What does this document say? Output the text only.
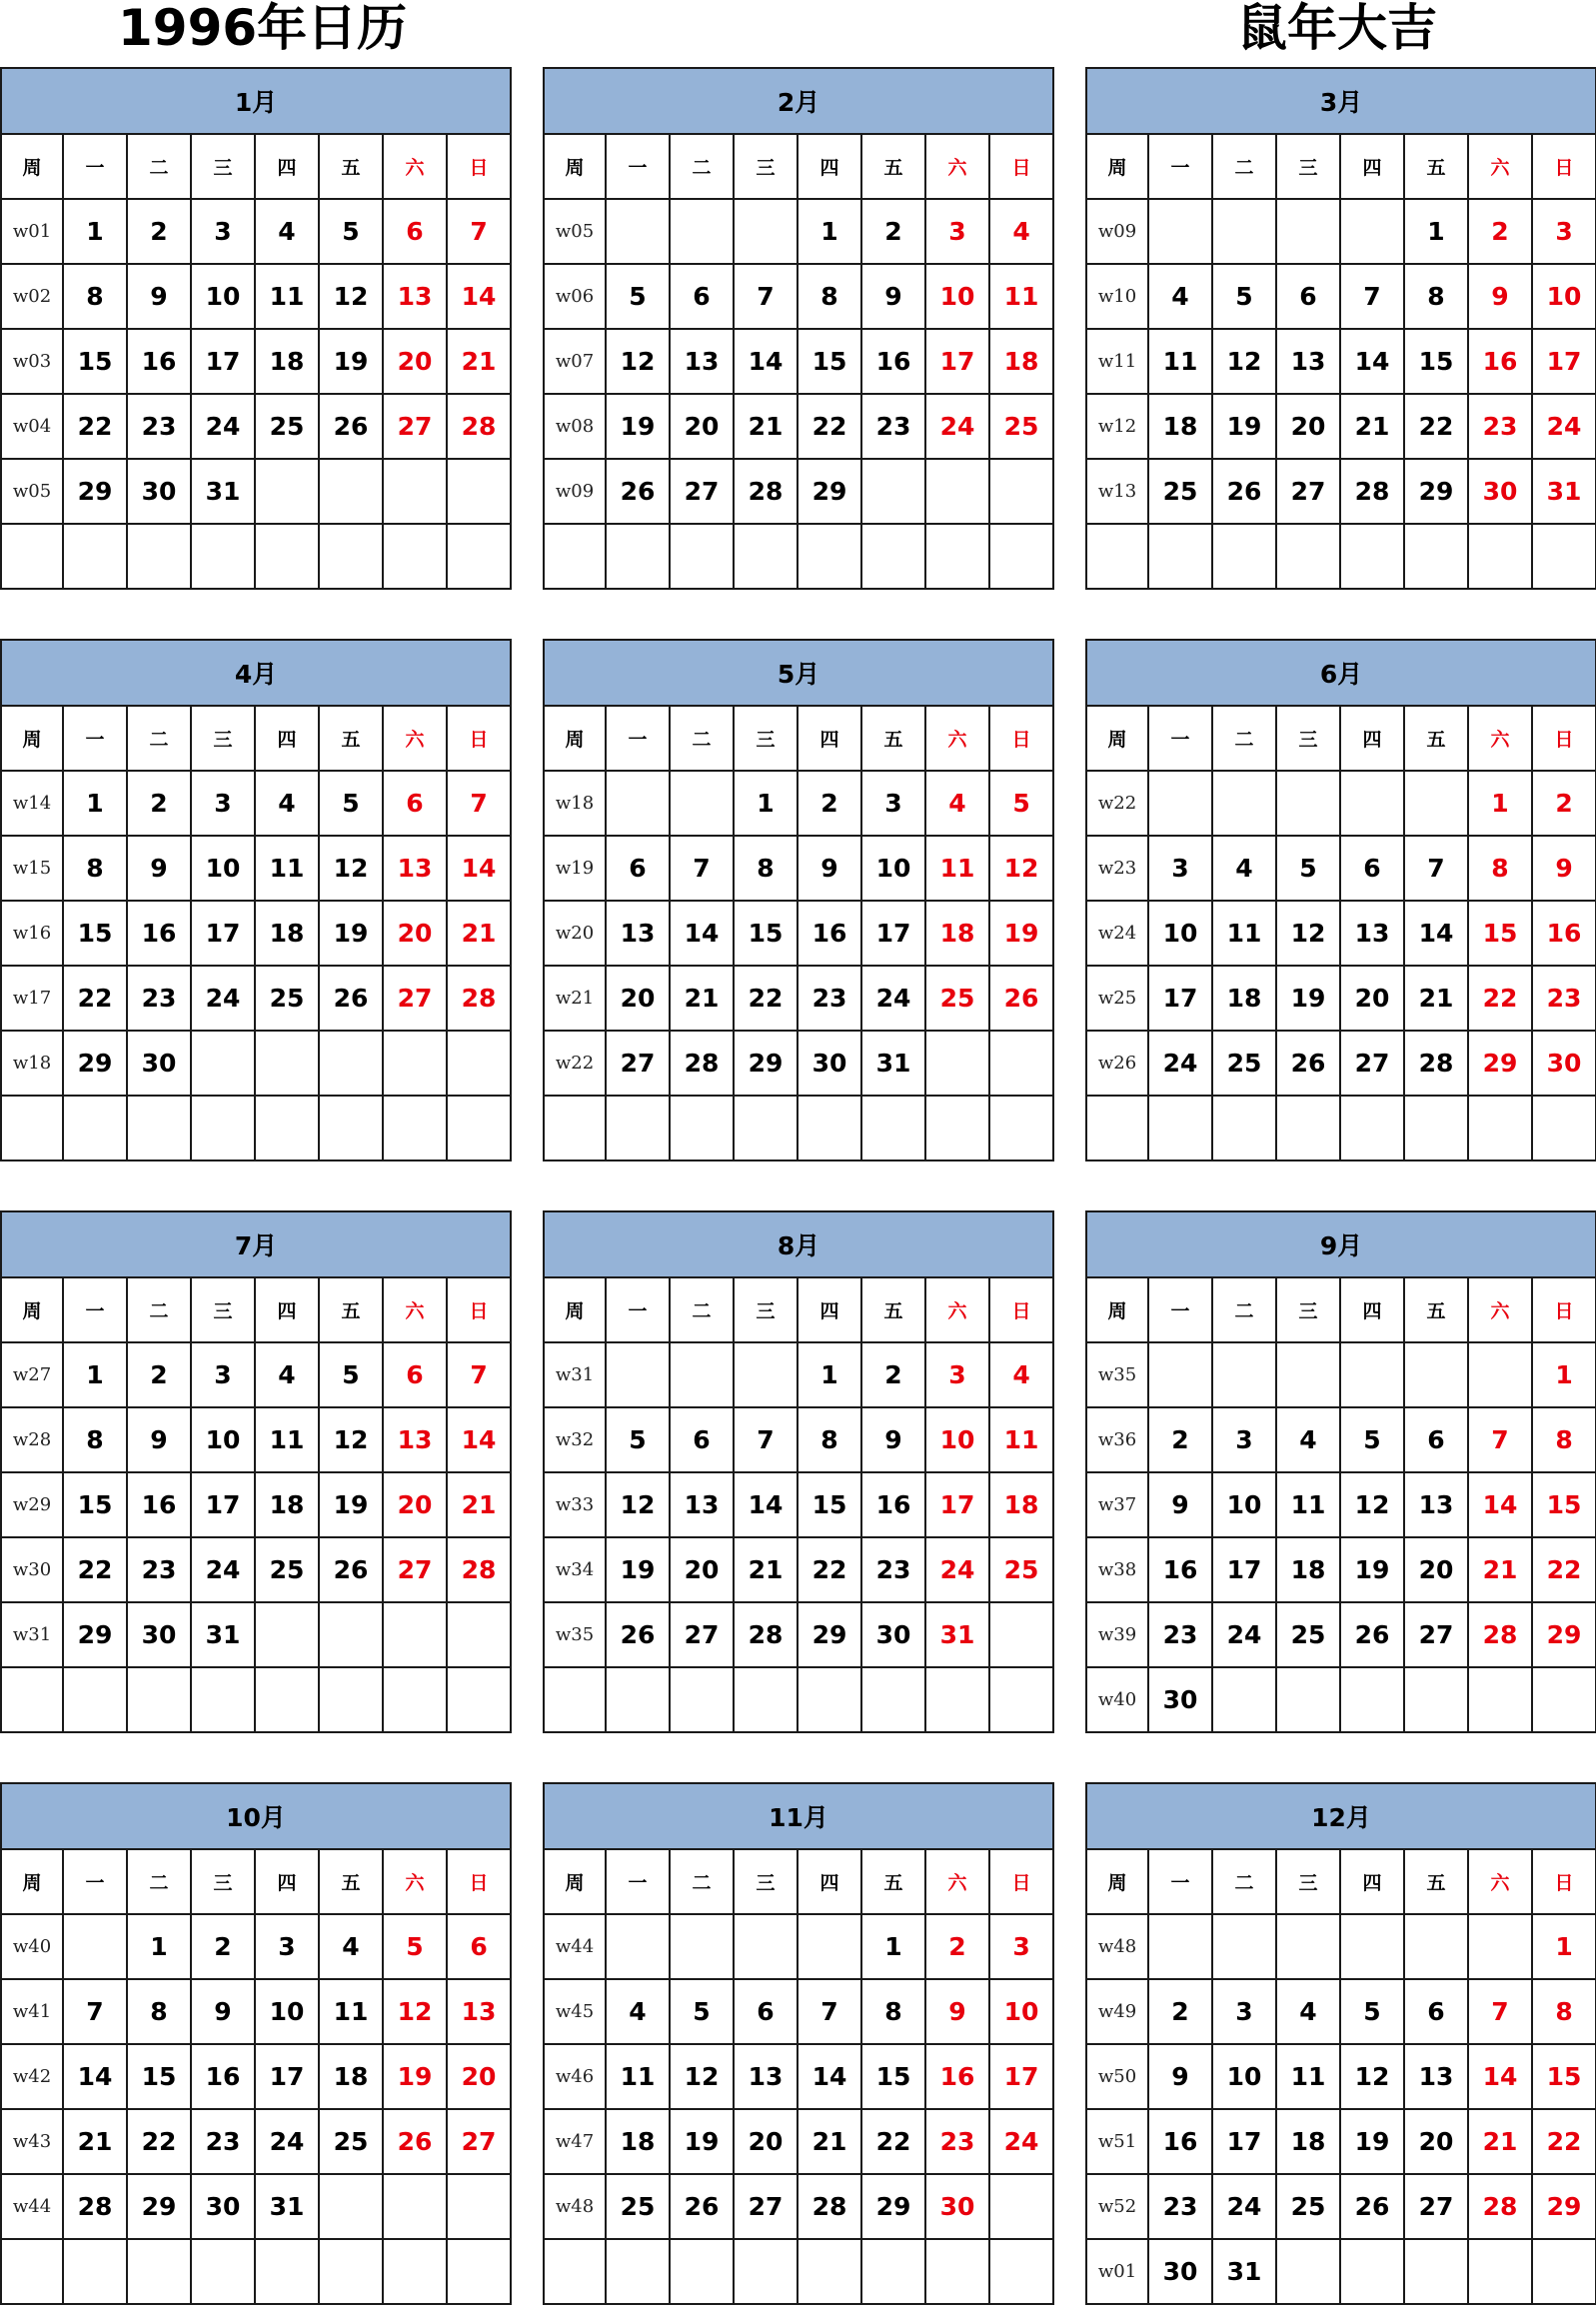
1996年日历	鼠年大吉
1月							
周	一	二	三	四	五	六	日
w01	1	2	3	4	5	6	7
w02	8	9	10	11	12	13	14
w03	15	16	17	18	19	20	21
w04	22	23	24	25	26	27	28
w05	29	30	31				

2月							
周	一	二	三	四	五	六	日
w05				1	2	3	4
w06	5	6	7	8	9	10	11
w07	12	13	14	15	16	17	18
w08	19	20	21	22	23	24	25
w09	26	27	28	29			

3月							
周	一	二	三	四	五	六	日
w09					1	2	3
w10	4	5	6	7	8	9	10
w11	11	12	13	14	15	16	17
w12	18	19	20	21	22	23	24
w13	25	26	27	28	29	30	31

4月							
周	一	二	三	四	五	六	日
w14	1	2	3	4	5	6	7
w15	8	9	10	11	12	13	14
w16	15	16	17	18	19	20	21
w17	22	23	24	25	26	27	28
w18	29	30					

5月							
周	一	二	三	四	五	六	日
w18			1	2	3	4	5
w19	6	7	8	9	10	11	12
w20	13	14	15	16	17	18	19
w21	20	21	22	23	24	25	26
w22	27	28	29	30	31		

6月							
周	一	二	三	四	五	六	日
w22						1	2
w23	3	4	5	6	7	8	9
w24	10	11	12	13	14	15	16
w25	17	18	19	20	21	22	23
w26	24	25	26	27	28	29	30

7月							
周	一	二	三	四	五	六	日
w27	1	2	3	4	5	6	7
w28	8	9	10	11	12	13	14
w29	15	16	17	18	19	20	21
w30	22	23	24	25	26	27	28
w31	29	30	31				

8月							
周	一	二	三	四	五	六	日
w31				1	2	3	4
w32	5	6	7	8	9	10	11
w33	12	13	14	15	16	17	18
w34	19	20	21	22	23	24	25
w35	26	27	28	29	30	31	

9月							
周	一	二	三	四	五	六	日
w35							1
w36	2	3	4	5	6	7	8
w37	9	10	11	12	13	14	15
w38	16	17	18	19	20	21	22
w39	23	24	25	26	27	28	29
w40	30						
10月							
周	一	二	三	四	五	六	日
w40		1	2	3	4	5	6
w41	7	8	9	10	11	12	13
w42	14	15	16	17	18	19	20
w43	21	22	23	24	25	26	27
w44	28	29	30	31			

11月							
周	一	二	三	四	五	六	日
w44					1	2	3
w45	4	5	6	7	8	9	10
w46	11	12	13	14	15	16	17
w47	18	19	20	21	22	23	24
w48	25	26	27	28	29	30	

12月							
周	一	二	三	四	五	六	日
w48							1
w49	2	3	4	5	6	7	8
w50	9	10	11	12	13	14	15
w51	16	17	18	19	20	21	22
w52	23	24	25	26	27	28	29
w01	30	31					
